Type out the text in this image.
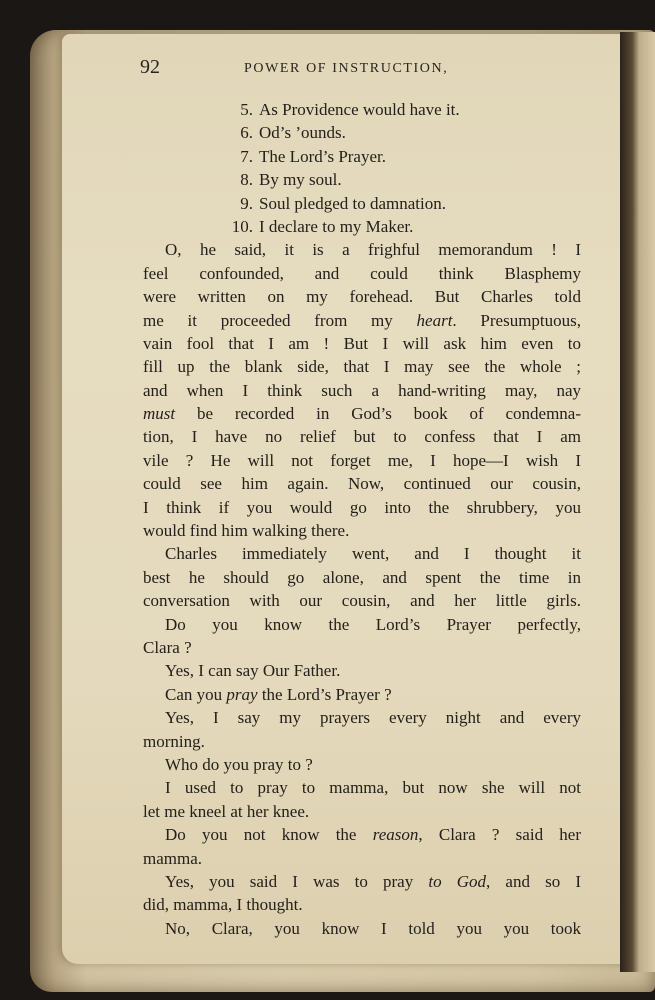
›
›
92	POWER OF INSTRUCTION,
5. As Providence would have it.
6. Od’s ’ounds.
7. The Lord’s Prayer.
8. By my soul.
9. Soul pledged to damnation.
10. I declare to my Maker.
O, he said, it is a frighful memorandum ! I
feel confounded, and could think Blasphemy
were written on my forehead. But Charles told
me it proceeded from my heart. Presumptuous,
vain fool that I am ! But I will ask him even to
fill up the blank side, that I may see the whole ;
and when I think such a hand-writing may, nay
must be recorded in God’s book of condemna-
tion, I have no relief but to confess that I am
vile ? He will not forget me, I hope—I wish I
could see him again. Now, continued our cousin,
I think if you would go into the shrubbery, you
would find him walking there.
Charles immediately went, and I thought it
best he should go alone, and spent the time in
conversation with our cousin, and her little girls.
Do you know the Lord’s Prayer perfectly,
Clara ?
Yes, I can say Our Father.
Can you pray the Lord’s Prayer ?
Yes, I say my prayers every night and every
morning.
Who do you pray to ?
I used to pray to mamma, but now she will not
let me kneel at her knee.
Do you not know the reason, Clara ? said her
mamma.
Yes, you said I was to pray to God, and so I
did, mamma, I thought.
No, Clara, you know I told you you took
